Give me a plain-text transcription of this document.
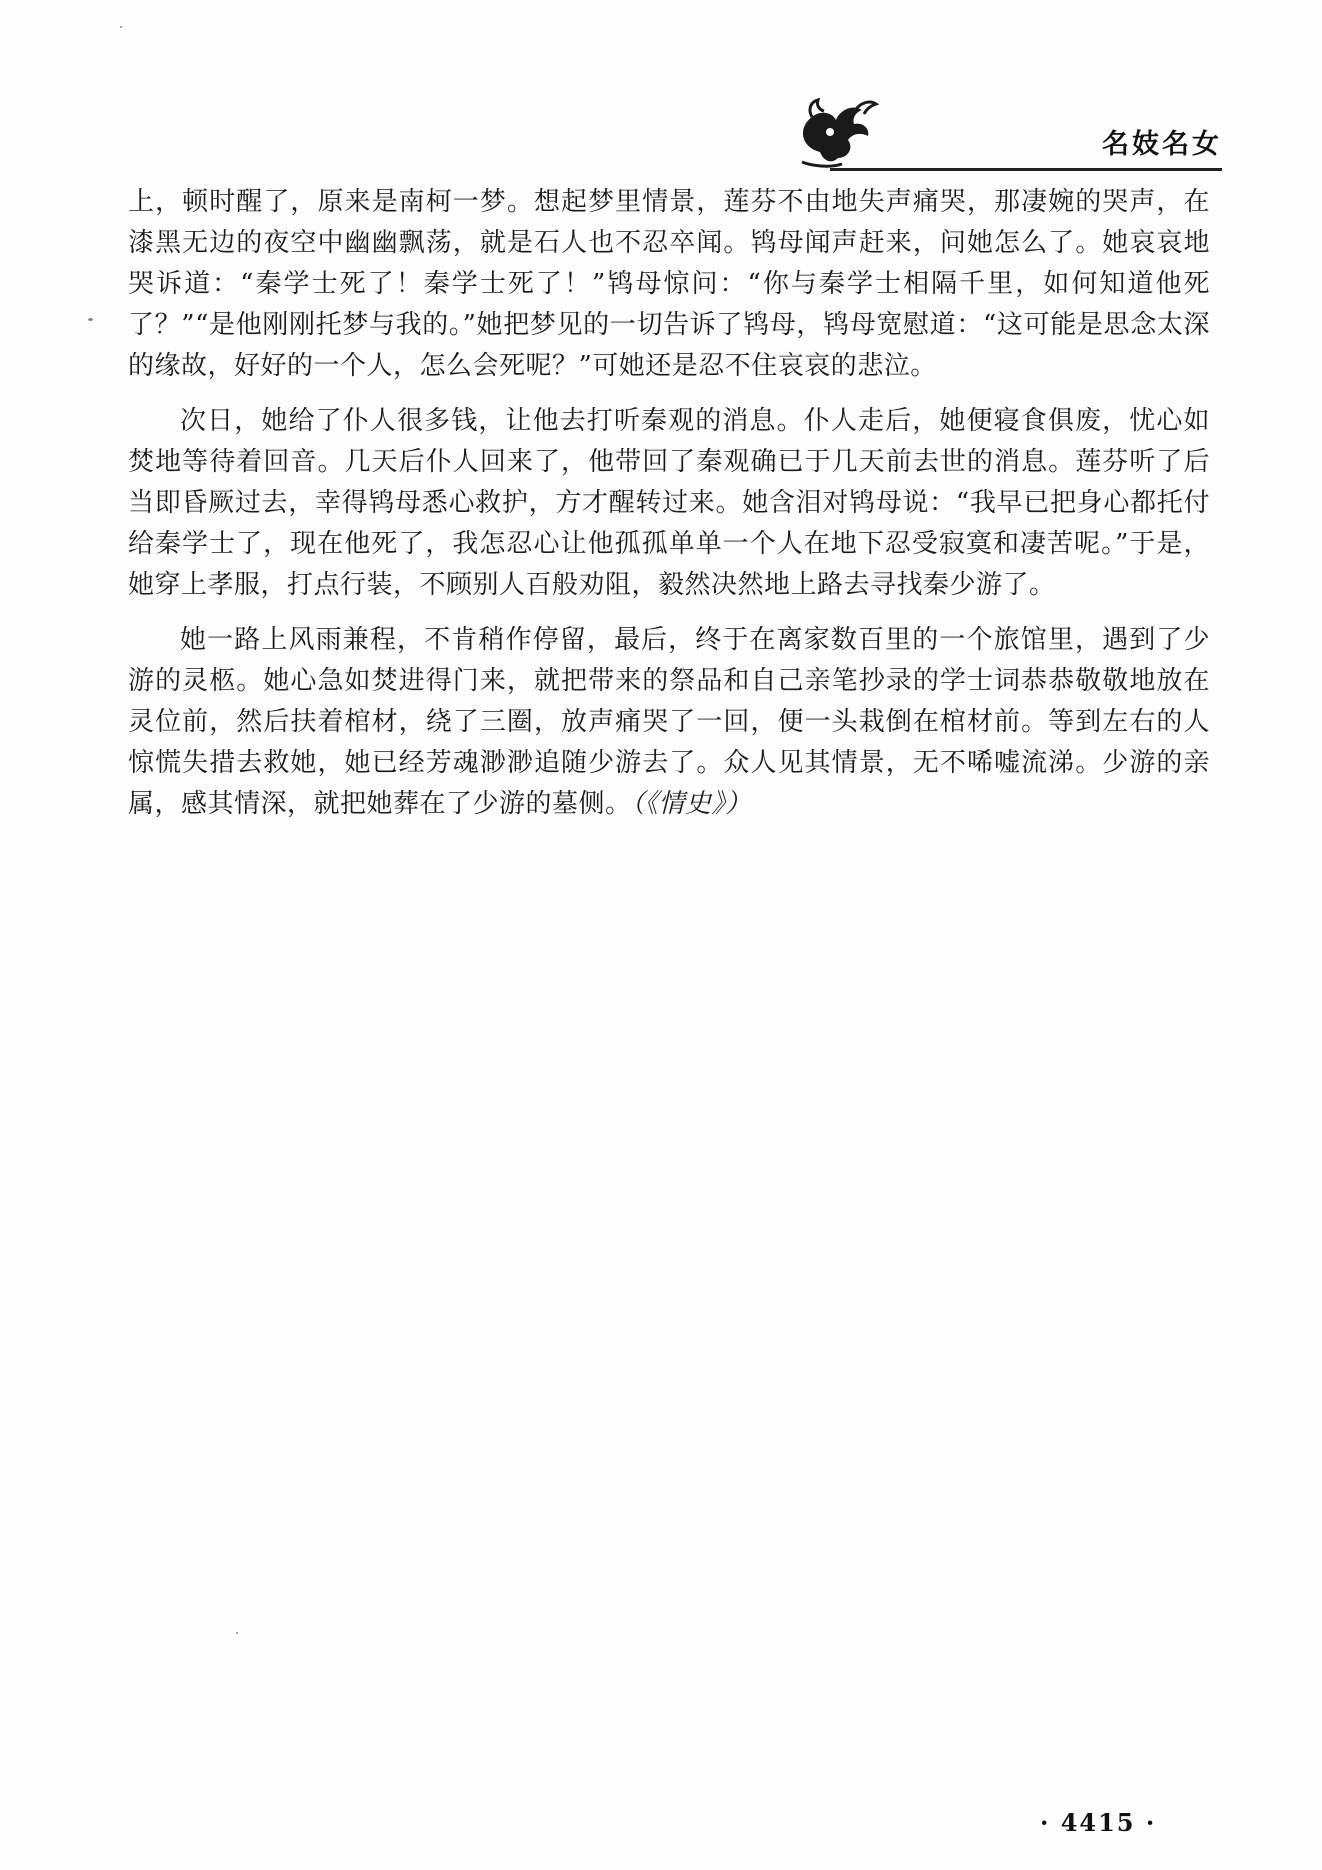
名妓名女

上，顿时醒了，原来是南柯一梦。想起梦里情景，莲芬不由地失声痛哭，那凄婉的哭声，在漆黑无边的夜空中幽幽飘荡，就是石人也不忍卒闻。鸨母闻声赶来，问她怎么了。她哀哀地哭诉道：“秦学士死了！秦学士死了！”鸨母惊问：“你与秦学士相隔千里，如何知道他死了？”“是他刚刚托梦与我的。”她把梦见的一切告诉了鸨母，鸨母宽慰道：“这可能是思念太深的缘故，好好的一个人，怎么会死呢？”可她还是忍不住哀哀的悲泣。

次日，她给了仆人很多钱，让他去打听秦观的消息。仆人走后，她便寝食俱废，忧心如焚地等待着回音。几天后仆人回来了，他带回了秦观确已于几天前去世的消息。莲芬听了后当即昏厥过去，幸得鸨母悉心救护，方才醒转过来。她含泪对鸨母说：“我早已把身心都托付给秦学士了，现在他死了，我怎忍心让他孤孤单单一个人在地下忍受寂寞和凄苦呢。”于是，她穿上孝服，打点行装，不顾别人百般劝阻，毅然决然地上路去寻找秦少游了。

她一路上风雨兼程，不肯稍作停留，最后，终于在离家数百里的一个旅馆里，遇到了少游的灵柩。她心急如焚进得门来，就把带来的祭品和自己亲笔抄录的学士词恭恭敬敬地放在灵位前，然后扶着棺材，绕了三圈，放声痛哭了一回，便一头栽倒在棺材前。等到左右的人惊慌失措去救她，她已经芳魂渺渺追随少游去了。众人见其情景，无不唏嘘流涕。少游的亲属，感其情深，就把她葬在了少游的墓侧。（《情史》）

· 4415 ·
